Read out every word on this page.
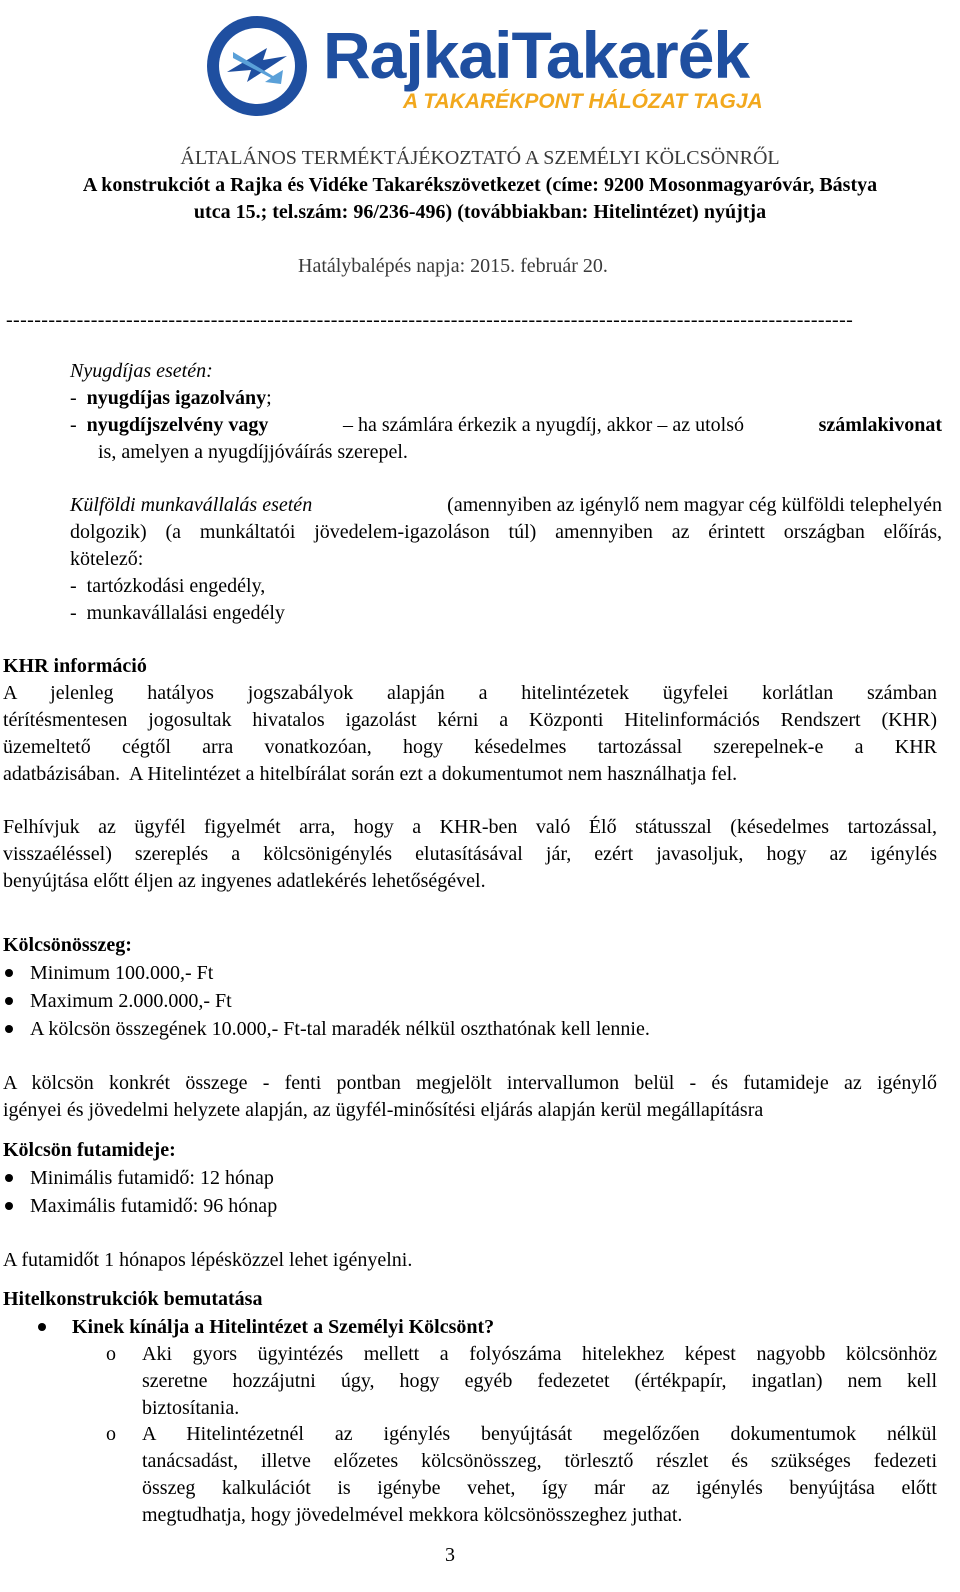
RajkaiTakarék
A TAKARÉKPONT HÁLÓZAT TAGJA
ÁLTALÁNOS TERMÉKTÁJÉKOZTATÓ A SZEMÉLYI KÖLCSÖNRŐL
A konstrukciót a Rajka és Vidéke Takarékszövetkezet (címe: 9200 Mosonmagyaróvár, Bástya
utca 15.; tel.szám: 96/236-496) (továbbiakban: Hitelintézet) nyújtja
Hatálybalépés napja: 2015. február 20.
------------------------------------------------------------------------------------------------------------------------
Nyugdíjas esetén:
- nyugdíjas igazolvány;
- nyugdíjszelvény vagy	– ha számlára érkezik a nyugdíj, akkor – az utolsó	számlakivonat
is, amelyen a nyugdíjjóváírás szerepel.
Külföldi munkavállalás esetén	(amennyiben az igénylő nem magyar cég külföldi telephelyén
dolgozik) (a munkáltatói jövedelem-igazoláson túl) amennyiben az érintett országban előírás,
kötelező:
-  tartózkodási engedély,
-  munkavállalási engedély
KHR információ
A jelenleg hatályos jogszabályok alapján a hitelintézetek ügyfelei korlátlan számban
térítésmentesen jogosultak hivatalos igazolást kérni a Központi Hitelinformációs Rendszert (KHR)
üzemeltető cégtől arra vonatkozóan, hogy késedelmes tartozással szerepelnek-e a KHR
adatbázisában.  A Hitelintézet a hitelbírálat során ezt a dokumentumot nem használhatja fel.
Felhívjuk az ügyfél figyelmét arra, hogy a KHR-ben való Élő státusszal (késedelmes tartozással,
visszaéléssel) szereplés a kölcsönigénylés elutasításával jár, ezért javasoljuk, hogy az igénylés
benyújtása előtt éljen az ingyenes adatlekérés lehetőségével.
Kölcsönösszeg:
Minimum 100.000,- Ft
Maximum 2.000.000,- Ft
A kölcsön összegének 10.000,- Ft-tal maradék nélkül oszthatónak kell lennie.
A kölcsön konkrét összege - fenti pontban megjelölt intervallumon belül - és futamideje az igénylő
igényei és jövedelmi helyzete alapján, az ügyfél-minősítési eljárás alapján kerül megállapításra
Kölcsön futamideje:
Minimális futamidő: 12 hónap
Maximális futamidő: 96 hónap
A futamidőt 1 hónapos lépésközzel lehet igényelni.
Hitelkonstrukciók bemutatása
Kinek kínálja a Hitelintézet a Személyi Kölcsönt?
o Aki gyors ügyintézés mellett a folyószáma hitelekhez képest nagyobb kölcsönhöz
szeretne hozzájutni úgy, hogy egyéb fedezetet (értékpapír, ingatlan) nem kell
biztosítania.
o A Hitelintézetnél az igénylés benyújtását megelőzően dokumentumok nélkül
tanácsadást, illetve előzetes kölcsönösszeg, törlesztő részlet és szükséges fedezeti
összeg kalkulációt is igénybe vehet, így már az igénylés benyújtása előtt
megtudhatja, hogy jövedelmével mekkora kölcsönösszeghez juthat.
3
